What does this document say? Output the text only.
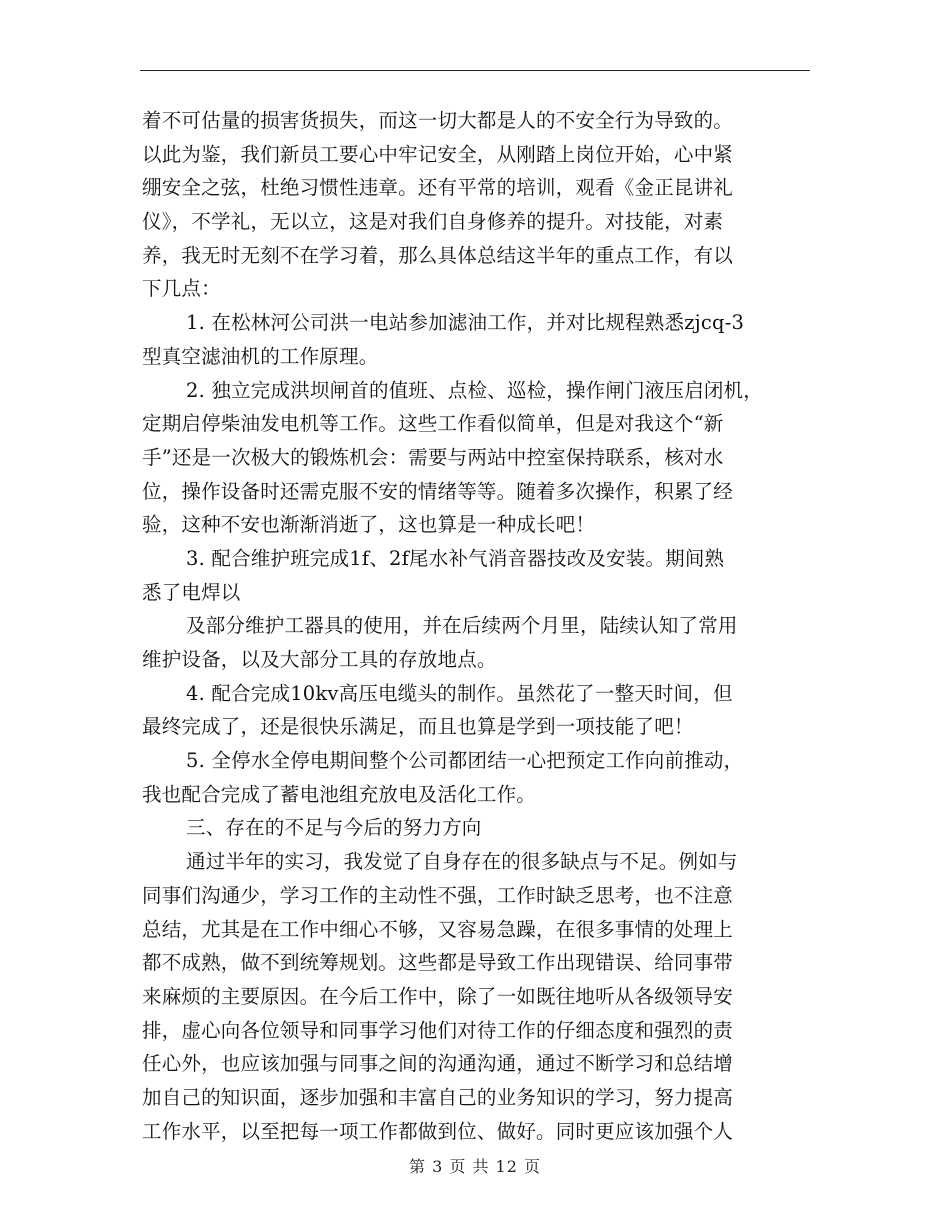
着不可估量的损害货损失，而这一切大都是人的不安全行为导致的。
以此为鉴，我们新员工要心中牢记安全，从刚踏上岗位开始，心中紧
绷安全之弦，杜绝习惯性违章。还有平常的培训，观看《金正昆讲礼
仪》，不学礼，无以立，这是对我们自身修养的提升。对技能，对素
养，我无时无刻不在学习着，那么具体总结这半年的重点工作，有以
下几点：
1. 在松林河公司洪一电站参加滤油工作，并对比规程熟悉zjcq-3
型真空滤油机的工作原理。
2. 独立完成洪坝闸首的值班、点检、巡检，操作闸门液压启闭机，
定期启停柴油发电机等工作。这些工作看似简单，但是对我这个“新
手”还是一次极大的锻炼机会：需要与两站中控室保持联系，核对水
位，操作设备时还需克服不安的情绪等等。随着多次操作，积累了经
验，这种不安也渐渐消逝了，这也算是一种成长吧！
3. 配合维护班完成1f、2f尾水补气消音器技改及安装。期间熟
悉了电焊以
及部分维护工器具的使用，并在后续两个月里，陆续认知了常用
维护设备，以及大部分工具的存放地点。
4. 配合完成10kv高压电缆头的制作。虽然花了一整天时间，但
最终完成了，还是很快乐满足，而且也算是学到一项技能了吧！
5. 全停水全停电期间整个公司都团结一心把预定工作向前推动，
我也配合完成了蓄电池组充放电及活化工作。
三、存在的不足与今后的努力方向
通过半年的实习，我发觉了自身存在的很多缺点与不足。例如与
同事们沟通少，学习工作的主动性不强，工作时缺乏思考，也不注意
总结，尤其是在工作中细心不够，又容易急躁，在很多事情的处理上
都不成熟，做不到统筹规划。这些都是导致工作出现错误、给同事带
来麻烦的主要原因。在今后工作中，除了一如既往地听从各级领导安
排，虚心向各位领导和同事学习他们对待工作的仔细态度和强烈的责
任心外，也应该加强与同事之间的沟通沟通，通过不断学习和总结增
加自己的知识面，逐步加强和丰富自己的业务知识的学习，努力提高
工作水平，以至把每一项工作都做到位、做好。同时更应该加强个人
第 3 页 共 12 页
